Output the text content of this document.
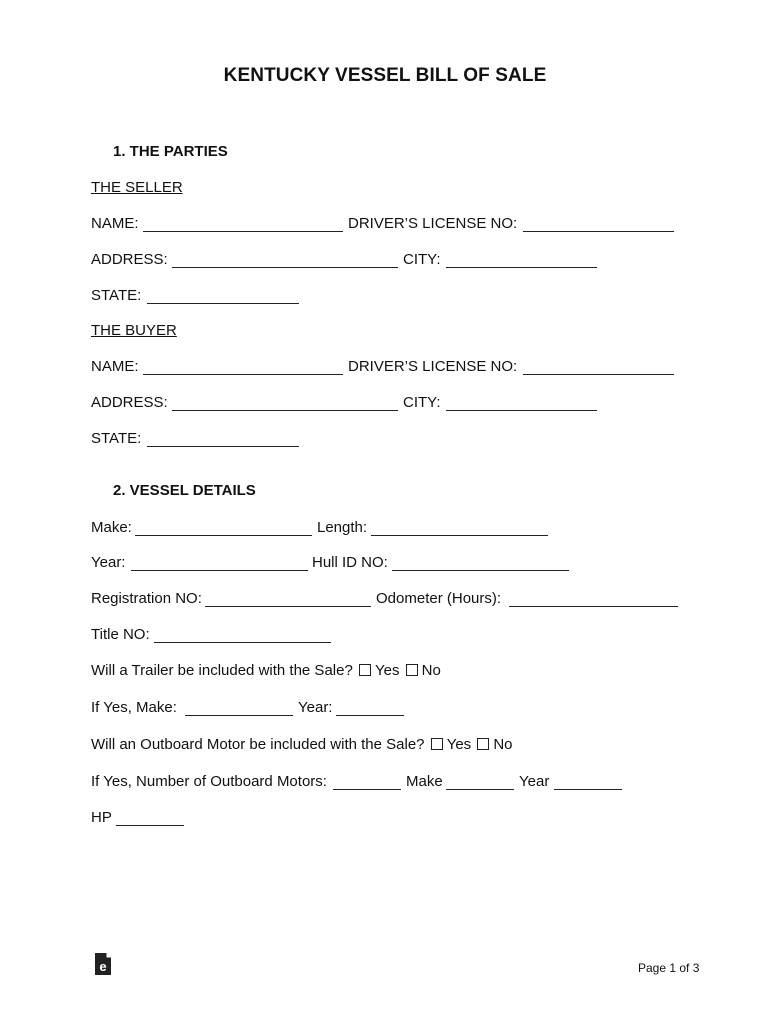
KENTUCKY VESSEL BILL OF SALE
1. THE PARTIES
THE SELLER
NAME:	DRIVER’S LICENSE NO:
ADDRESS:	CITY:
STATE:
THE BUYER
NAME:	DRIVER’S LICENSE NO:
ADDRESS:	CITY:
STATE:
2. VESSEL DETAILS
Make:	Length:
Year:	Hull ID NO:
Registration NO:	Odometer (Hours):
Title NO:
Will a Trailer be included with the Sale? Yes No
If Yes, Make:	Year:
Will an Outboard Motor be included with the Sale? Yes No
If Yes, Number of Outboard Motors:	Make	Year
HP
e	Page 1 of 3
